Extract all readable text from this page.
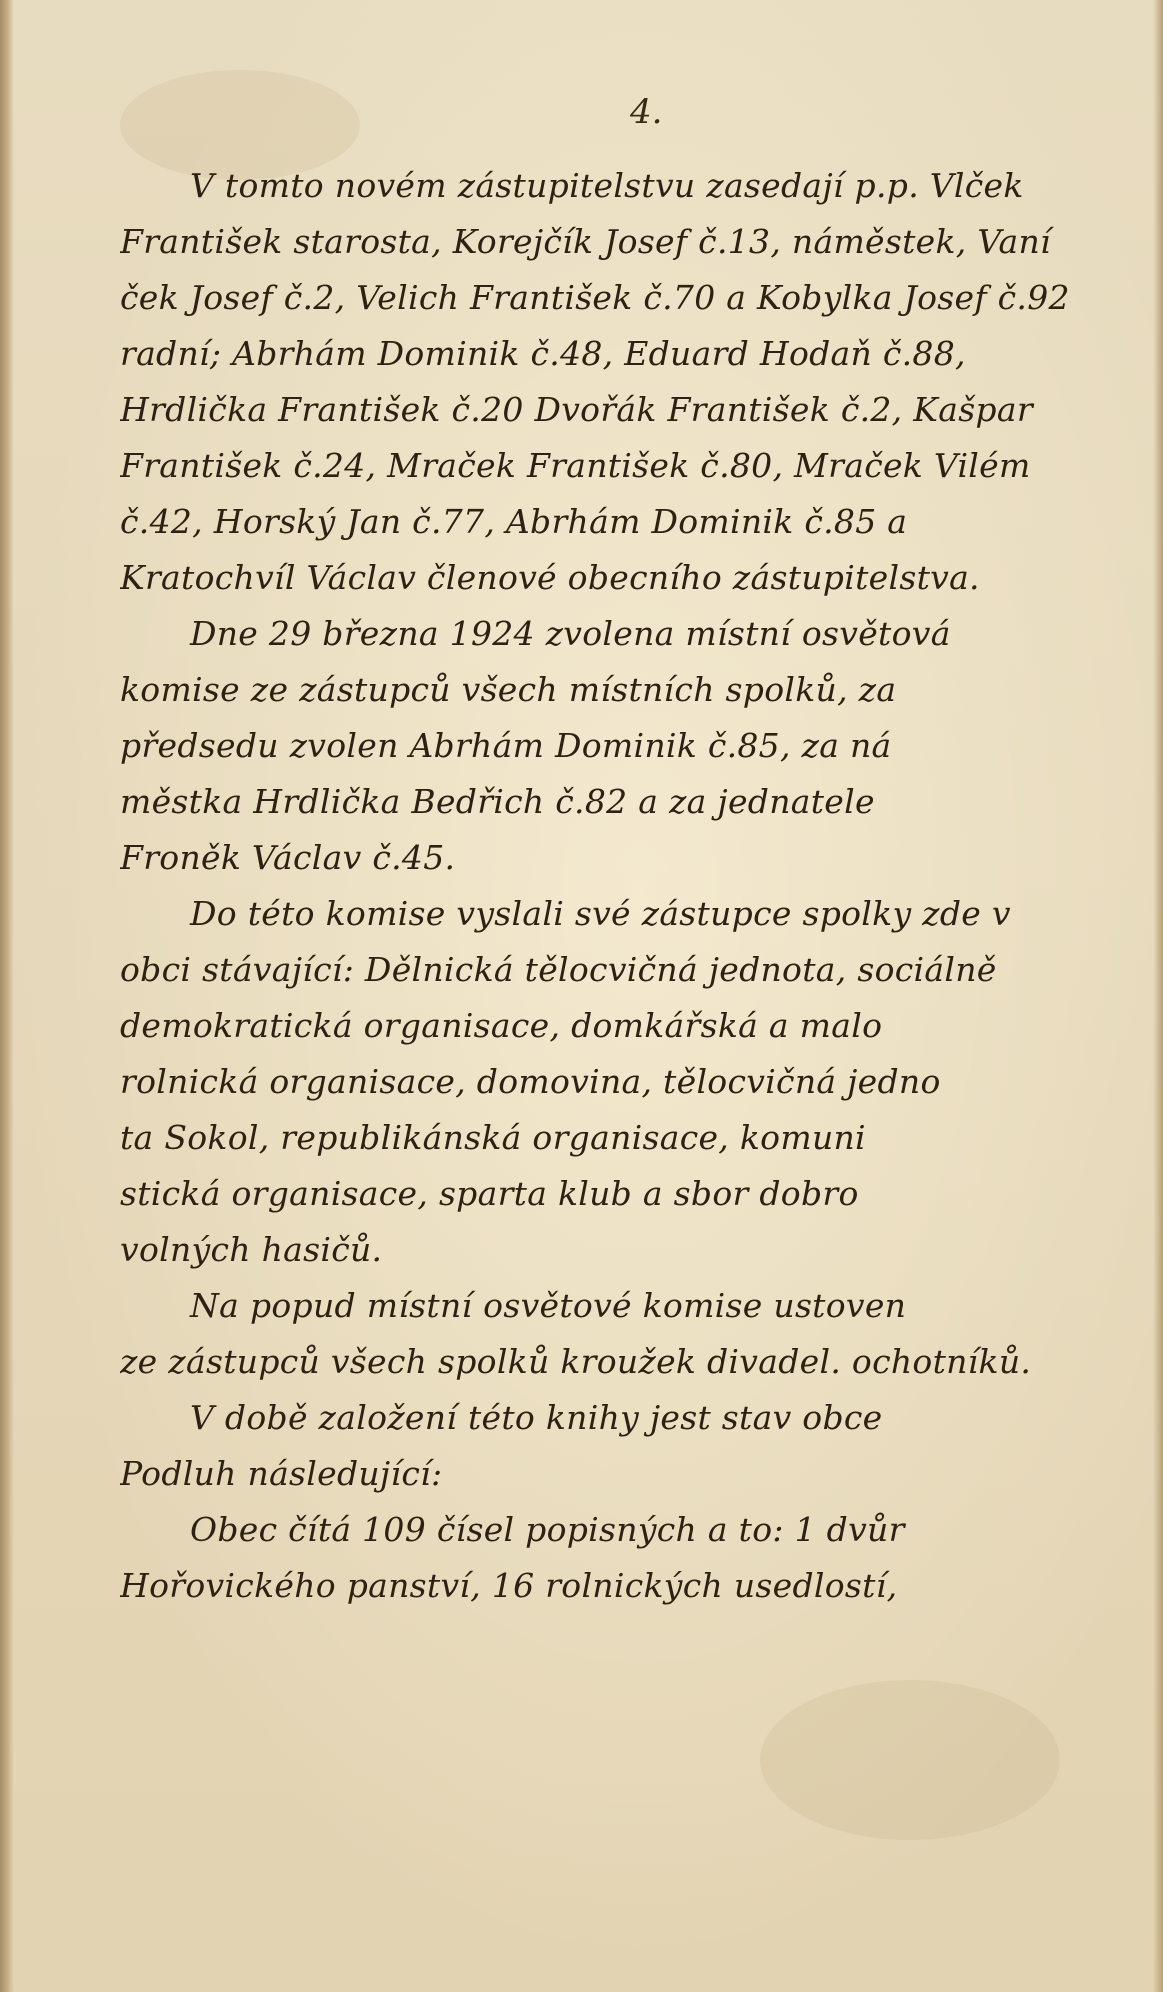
4.

V tomto novém zástupitelstvu zasedají p.p. Vlček

František starosta, Korejčík Josef č.13, náměstek, Vaní

ček Josef č.2, Velich František č.70 a Kobylka Josef č.92

radní; Abrhám Dominik č.48, Eduard Hodaň č.88,

Hrdlička František č.20 Dvořák František č.2, Kašpar

František č.24, Mraček František č.80, Mraček Vilém

č.42, Horský Jan č.77, Abrhám Dominik č.85 a

Kratochvíl Václav členové obecního zástupitelstva.

Dne 29 března 1924 zvolena místní osvětová

komise ze zástupců všech místních spolků, za

předsedu zvolen Abrhám Dominik č.85, za ná

městka Hrdlička Bedřich č.82 a za jednatele

Froněk Václav č.45.

Do této komise vyslali své zástupce spolky zde v

obci stávající: Dělnická tělocvičná jednota, sociálně

demokratická organisace, domkářská a malo

rolnická organisace, domovina, tělocvičná jedno

ta Sokol, republikánská organisace, komuni

stická organisace, sparta klub a sbor dobro

volných hasičů.

Na popud místní osvětové komise ustoven

ze zástupců všech spolků kroužek divadel. ochotníků.

V době založení této knihy jest stav obce

Podluh následující:

Obec čítá 109 čísel popisných a to: 1 dvůr

Hořovického panství, 16 rolnických usedlostí,
